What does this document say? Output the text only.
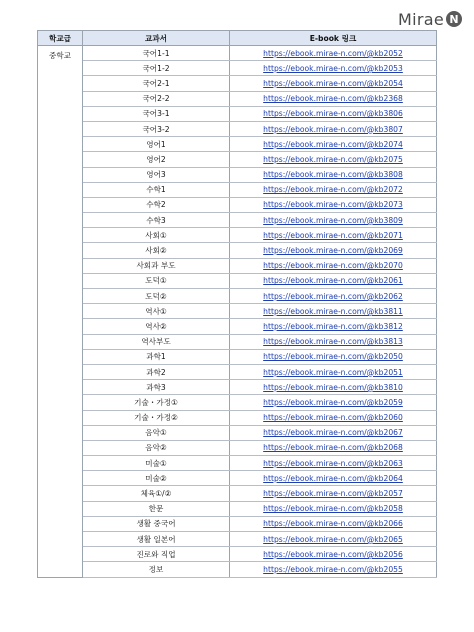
Mirae N
학교급	교과서	E-book 링크
중학교	국어1-1	https://ebook.mirae-n.com/@kb2052
	국어1-2	https://ebook.mirae-n.com/@kb2053
	국어2-1	https://ebook.mirae-n.com/@kb2054
	국어2-2	https://ebook.mirae-n.com/@kb2368
	국어3-1	https://ebook.mirae-n.com/@kb3806
	국어3-2	https://ebook.mirae-n.com/@kb3807
	영어1	https://ebook.mirae-n.com/@kb2074
	영어2	https://ebook.mirae-n.com/@kb2075
	영어3	https://ebook.mirae-n.com/@kb3808
	수학1	https://ebook.mirae-n.com/@kb2072
	수학2	https://ebook.mirae-n.com/@kb2073
	수학3	https://ebook.mirae-n.com/@kb3809
	사회①	https://ebook.mirae-n.com/@kb2071
	사회②	https://ebook.mirae-n.com/@kb2069
	사회과 부도	https://ebook.mirae-n.com/@kb2070
	도덕①	https://ebook.mirae-n.com/@kb2061
	도덕②	https://ebook.mirae-n.com/@kb2062
	역사①	https://ebook.mirae-n.com/@kb3811
	역사②	https://ebook.mirae-n.com/@kb3812
	역사부도	https://ebook.mirae-n.com/@kb3813
	과학1	https://ebook.mirae-n.com/@kb2050
	과학2	https://ebook.mirae-n.com/@kb2051
	과학3	https://ebook.mirae-n.com/@kb3810
	기술・가정①	https://ebook.mirae-n.com/@kb2059
	기술・가정②	https://ebook.mirae-n.com/@kb2060
	음악①	https://ebook.mirae-n.com/@kb2067
	음악②	https://ebook.mirae-n.com/@kb2068
	미술①	https://ebook.mirae-n.com/@kb2063
	미술②	https://ebook.mirae-n.com/@kb2064
	체육①/②	https://ebook.mirae-n.com/@kb2057
	한문	https://ebook.mirae-n.com/@kb2058
	생활 중국어	https://ebook.mirae-n.com/@kb2066
	생활 일본어	https://ebook.mirae-n.com/@kb2065
	진로와 직업	https://ebook.mirae-n.com/@kb2056
	정보	https://ebook.mirae-n.com/@kb2055
